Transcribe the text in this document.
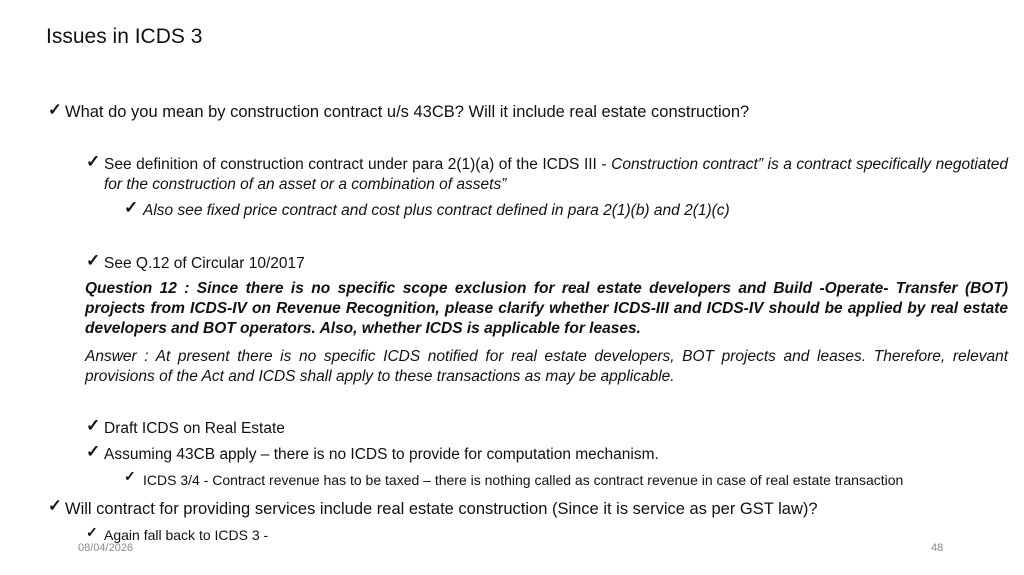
Issues in ICDS 3
✓ What do you mean by construction contract u/s 43CB? Will it include real estate construction?
✓ See definition of construction contract under para 2(1)(a) of the ICDS III - Construction contract” is a contract specifically negotiated for the construction of an asset or a combination of assets”
✓ Also see fixed price contract and cost plus contract defined in para 2(1)(b) and 2(1)(c)
✓ See Q.12 of Circular 10/2017
Question 12 : Since there is no specific scope exclusion for real estate developers and Build -Operate- Transfer (BOT) projects from ICDS-IV on Revenue Recognition, please clarify whether ICDS-III and ICDS-IV should be applied by real estate developers and BOT operators. Also, whether ICDS is applicable for leases.
Answer : At present there is no specific ICDS notified for real estate developers, BOT projects and leases. Therefore, relevant provisions of the Act and ICDS shall apply to these transactions as may be applicable.
✓ Draft ICDS on Real Estate
✓ Assuming 43CB apply – there is no ICDS to provide for computation mechanism.
✓ ICDS 3/4 - Contract revenue has to be taxed – there is nothing called as contract revenue in case of real estate transaction
✓ Will contract for providing services include real estate construction (Since it is service as per GST law)?
✓ Again fall back to ICDS 3 -
08/04/2026	48
